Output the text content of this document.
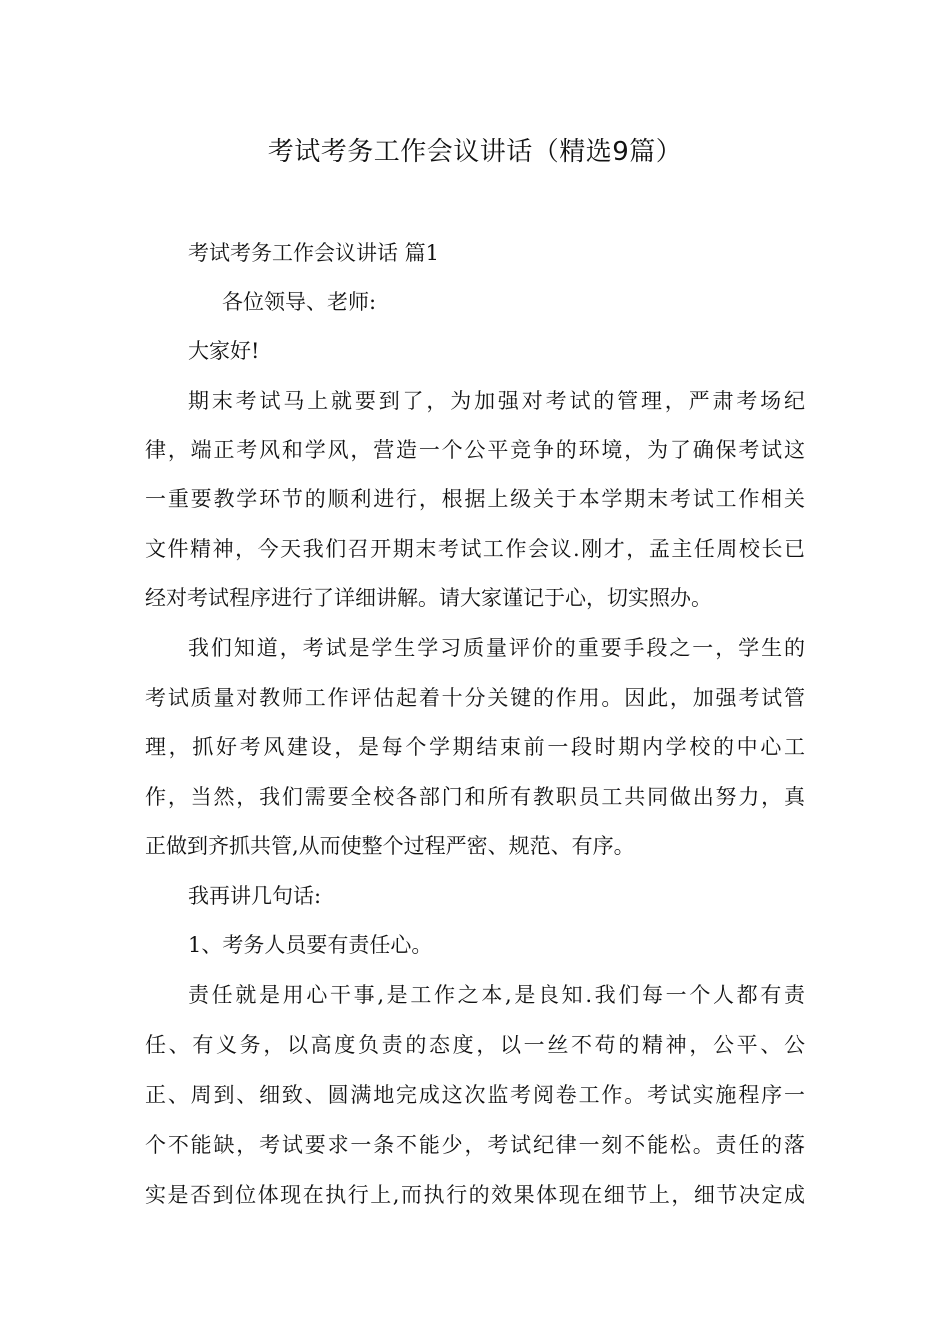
考试考务工作会议讲话（精选9篇）

考试考务工作会议讲话 篇1

各位领导、老师:

大家好!

期末考试马上就要到了，为加强对考试的管理，严肃考场纪

律，端正考风和学风，营造一个公平竞争的环境，为了确保考试这

一重要教学环节的顺利进行，根据上级关于本学期末考试工作相关

文件精神，今天我们召开期末考试工作会议.刚才，孟主任周校长已

经对考试程序进行了详细讲解。请大家谨记于心，切实照办。

我们知道，考试是学生学习质量评价的重要手段之一，学生的

考试质量对教师工作评估起着十分关键的作用。因此，加强考试管

理，抓好考风建设，是每个学期结束前一段时期内学校的中心工

作，当然，我们需要全校各部门和所有教职员工共同做出努力，真

正做到齐抓共管,从而使整个过程严密、规范、有序。

我再讲几句话:

1、考务人员要有责任心。

责任就是用心干事,是工作之本,是良知.我们每一个人都有责

任、有义务，以高度负责的态度，以一丝不苟的精神，公平、公

正、周到、细致、圆满地完成这次监考阅卷工作。考试实施程序一

个不能缺，考试要求一条不能少，考试纪律一刻不能松。责任的落

实是否到位体现在执行上,而执行的效果体现在细节上，细节决定成
